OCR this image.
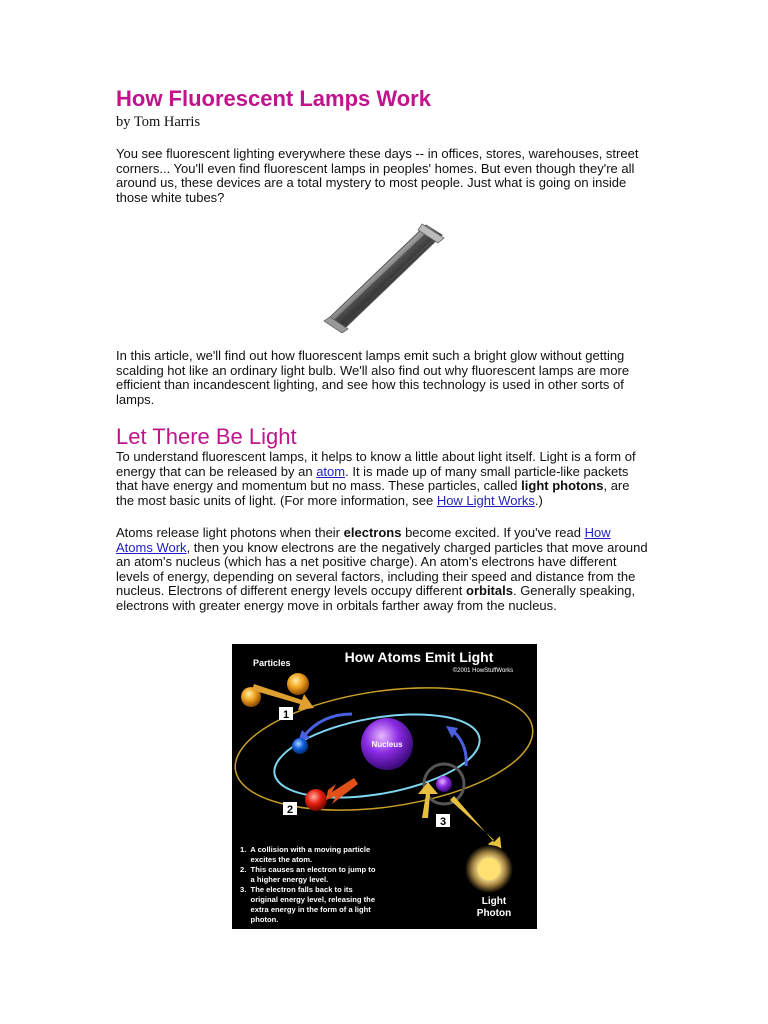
How Fluorescent Lamps Work
by Tom Harris

You see fluorescent lighting everywhere these days -- in offices, stores, warehouses, street corners... You'll even find fluorescent lamps in peoples' homes. But even though they're all around us, these devices are a total mystery to most people. Just what is going on inside those white tubes?

In this article, we'll find out how fluorescent lamps emit such a bright glow without getting scalding hot like an ordinary light bulb. We'll also find out why fluorescent lamps are more efficient than incandescent lighting, and see how this technology is used in other sorts of lamps.

Let There Be Light

To understand fluorescent lamps, it helps to know a little about light itself. Light is a form of energy that can be released by an atom. It is made up of many small particle-like packets that have energy and momentum but no mass. These particles, called light photons, are the most basic units of light. (For more information, see How Light Works.)

Atoms release light photons when their electrons become excited. If you've read How Atoms Work, then you know electrons are the negatively charged particles that move around an atom's nucleus (which has a net positive charge). An atom's electrons have different levels of energy, depending on several factors, including their speed and distance from the nucleus. Electrons of different energy levels occupy different orbitals. Generally speaking, electrons with greater energy move in orbitals farther away from the nucleus.

How Atoms Emit Light
©2001 HowStuffWorks
Particles
1
Nucleus
2
3
Light
Photon
1.  A collision with a moving particle
excites the atom.
2.  This causes an electron to jump to
a higher energy level.
3.  The electron falls back to its
original energy level, releasing the
extra energy in the form of a light
photon.
